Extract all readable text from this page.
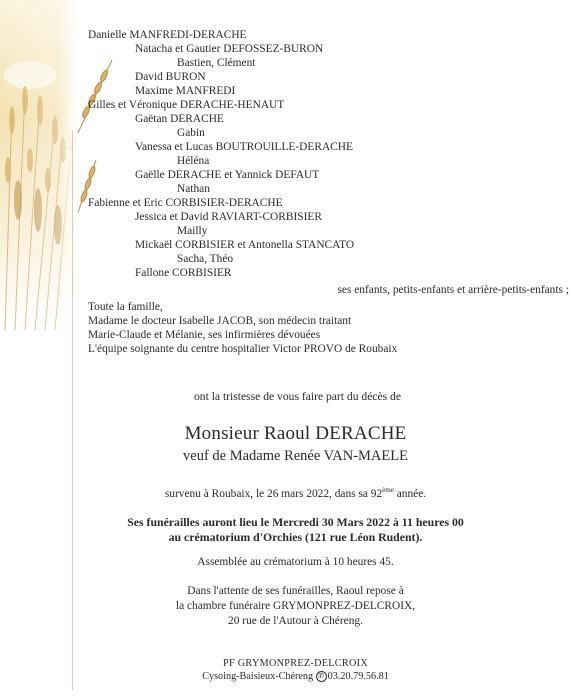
Danielle MANFREDI-DERACHE
Natacha et Gautier DEFOSSEZ-BURON
Bastien, Clément
David BURON
Maxime MANFREDI
Gilles et Véronique DERACHE-HENAUT
Gaëtan DERACHE
Gabin
Vanessa et Lucas BOUTROUILLE-DERACHE
Héléna
Gaëlle DERACHE et Yannick DEFAUT
Nathan
Fabienne et Eric CORBISIER-DERACHE
Jessica et David RAVIART-CORBISIER
Mailly
Mickaël CORBISIER et Antonella STANCATO
Sacha, Théo
Fallone CORBISIER
ses enfants, petits-enfants et arrière-petits-enfants ;
Toute la famille,
Madame le docteur Isabelle JACOB, son médecin traitant
Marie-Claude et Mélanie, ses infirmières dévouées
L'équipe soignante du centre hospitalier Victor PROVO de Roubaix
ont la tristesse de vous faire part du décès de
Monsieur Raoul DERACHE
veuf de Madame Renée VAN-MAELE
survenu à Roubaix, le 26 mars 2022, dans sa 92ème année.
Ses funérailles auront lieu le Mercredi 30 Mars 2022 à 11 heures 00
au crématorium d'Orchies (121 rue Léon Rudent).
Assemblée au crématorium à 10 heures 45.
Dans l'attente de ses funérailles, Raoul repose à
la chambre funéraire GRYMONPREZ-DELCROIX,
20 rue de l'Autour à Chéreng.
PF GRYMONPREZ-DELCROIX
Cysoing-Baisieux-Chéreng ✆ 03.20.79.56.81
